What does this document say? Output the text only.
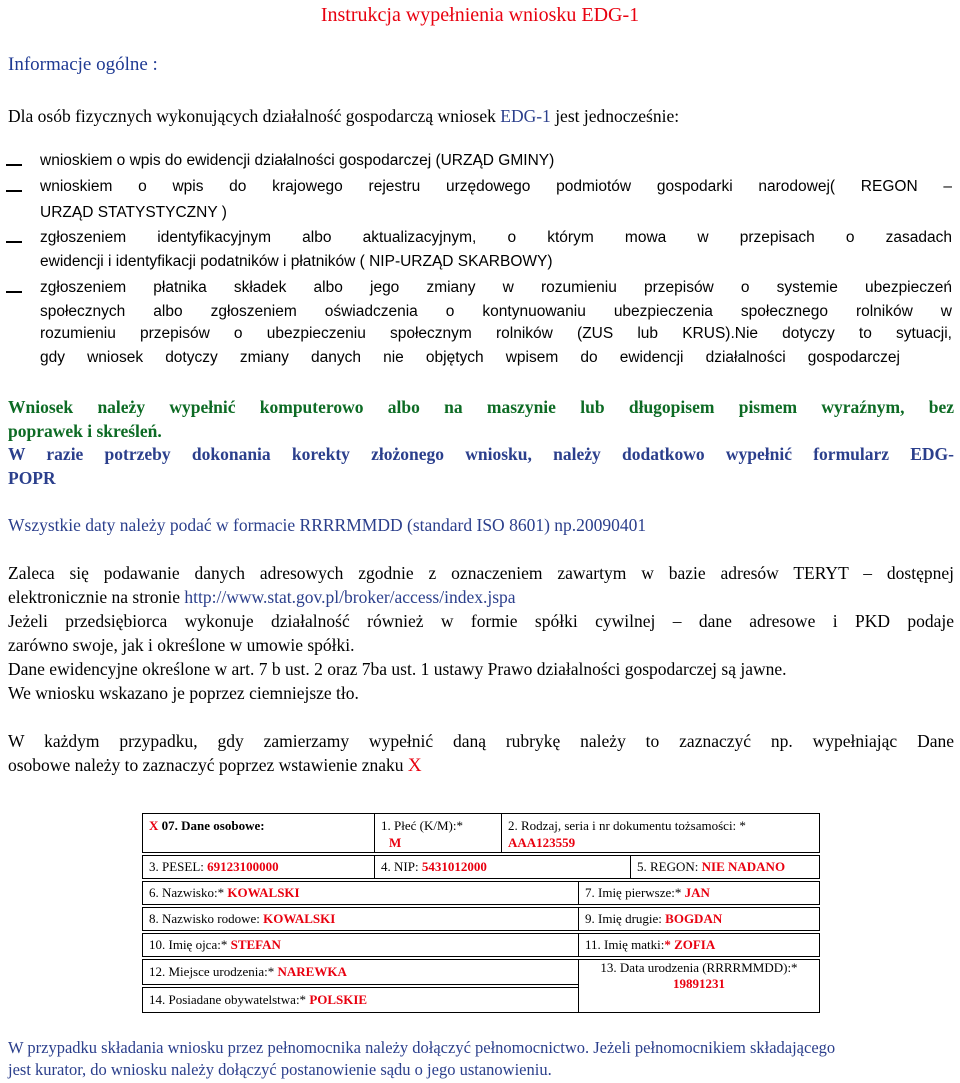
Instrukcja wypełnienia wniosku EDG-1
Informacje ogólne :
Dla osób fizycznych wykonujących działalność gospodarczą wniosek EDG-1 jest jednocześnie:
wnioskiem o wpis do ewidencji działalności gospodarczej (URZĄD GMINY)
wnioskiem o wpis do krajowego rejestru urzędowego podmiotów gospodarki narodowej( REGON –
URZĄD STATYSTYCZNY )
zgłoszeniem identyfikacyjnym albo aktualizacyjnym, o którym mowa w przepisach o zasadach
ewidencji i identyfikacji podatników i płatników ( NIP-URZĄD SKARBOWY)
zgłoszeniem płatnika składek albo jego zmiany w rozumieniu przepisów o systemie ubezpieczeń
społecznych albo zgłoszeniem oświadczenia o kontynuowaniu ubezpieczenia społecznego rolników w
rozumieniu przepisów o ubezpieczeniu społecznym rolników (ZUS lub KRUS).Nie dotyczy to sytuacji,
gdy wniosek dotyczy zmiany danych nie objętych wpisem do ewidencji działalności gospodarczej
Wniosek należy wypełnić komputerowo albo na maszynie lub długopisem pismem wyraźnym, bez
poprawek i skreśleń.
W razie potrzeby dokonania korekty złożonego wniosku, należy dodatkowo wypełnić formularz EDG-
POPR
Wszystkie daty należy podać w formacie RRRRMMDD (standard ISO 8601) np.20090401
Zaleca się podawanie danych adresowych zgodnie z oznaczeniem zawartym w bazie adresów TERYT – dostępnej
elektronicznie na stronie http://www.stat.gov.pl/broker/access/index.jspa
Jeżeli przedsiębiorca wykonuje działalność również w formie spółki cywilnej – dane adresowe i PKD podaje
zarówno swoje, jak i określone w umowie spółki.
Dane ewidencyjne określone w art. 7 b ust. 2 oraz 7ba ust. 1 ustawy Prawo działalności gospodarczej są jawne.
We wniosku wskazano je poprzez ciemniejsze tło.
W każdym przypadku, gdy zamierzamy wypełnić daną rubrykę należy to zaznaczyć np. wypełniając Dane
osobowe należy to zaznaczyć poprzez wstawienie znaku X
X 07. Dane osobowe:	1. Płeć (K/M):*
M
2. Rodzaj, seria i nr dokumentu tożsamości: *
AAA123559
3. PESEL: 69123100000	4. NIP: 5431012000	5. REGON: NIE NADANO
6. Nazwisko:* KOWALSKI	7. Imię pierwsze:* JAN
8. Nazwisko rodowe: KOWALSKI	9. Imię drugie: BOGDAN
10. Imię ojca:* STEFAN	11. Imię matki:* ZOFIA
12. Miejsce urodzenia:* NAREWKA	13. Data urodzenia (RRRRMMDD):*
19891231
14. Posiadane obywatelstwa:* POLSKIE
W przypadku składania wniosku przez pełnomocnika należy dołączyć pełnomocnictwo. Jeżeli pełnomocnikiem składającego
jest kurator, do wniosku należy dołączyć postanowienie sądu o jego ustanowieniu.
